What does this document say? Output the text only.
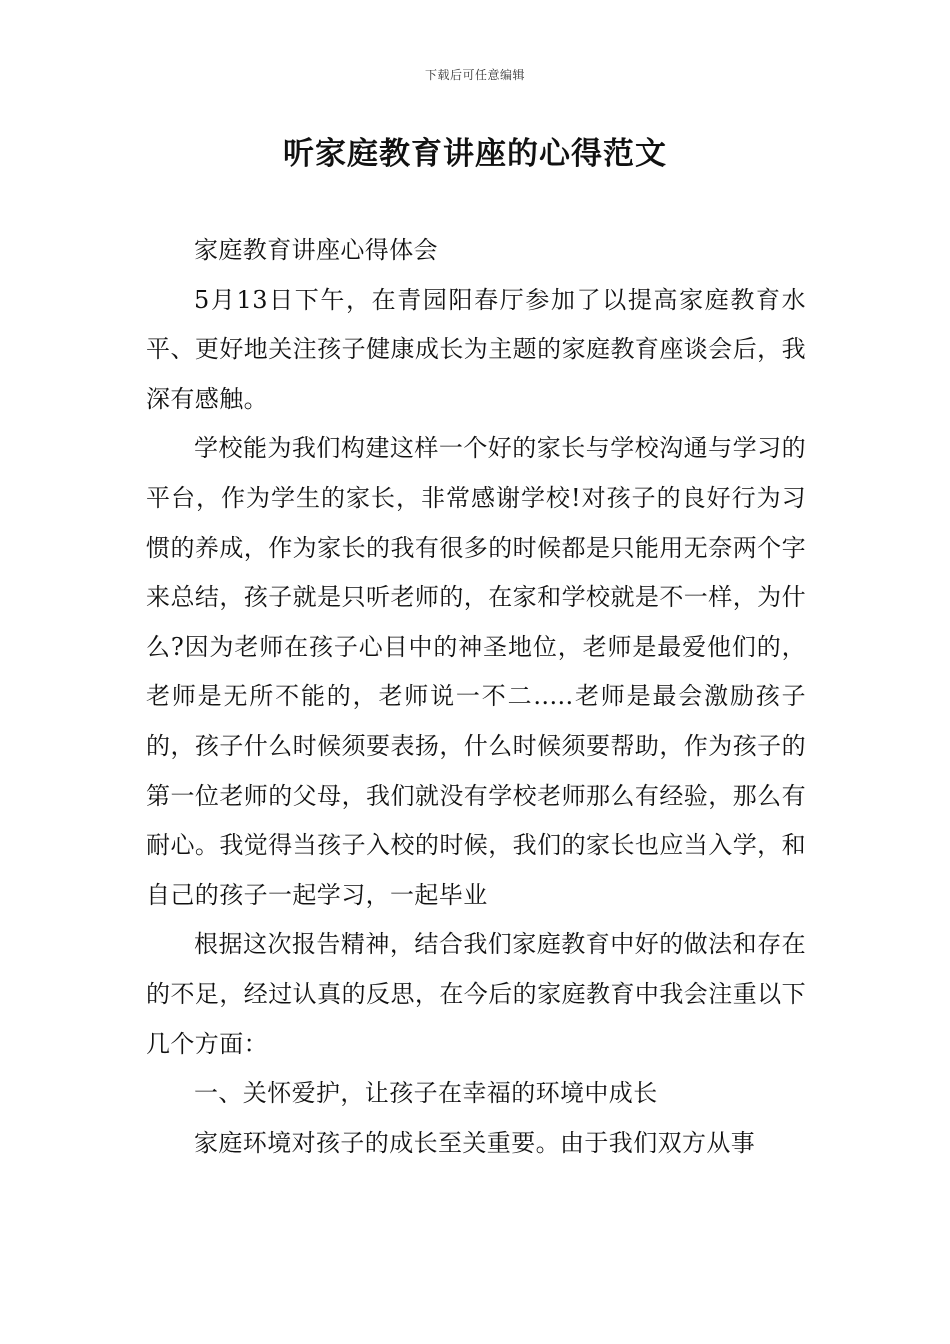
下载后可任意编辑
听家庭教育讲座的心得范文

家庭教育讲座心得体会

5月13日下午，在青园阳春厅参加了以提高家庭教育水平、更好地关注孩子健康成长为主题的家庭教育座谈会后，我深有感触。

学校能为我们构建这样一个好的家长与学校沟通与学习的平台，作为学生的家长，非常感谢学校!对孩子的良好行为习惯的养成，作为家长的我有很多的时候都是只能用无奈两个字来总结，孩子就是只听老师的，在家和学校就是不一样，为什么?因为老师在孩子心目中的神圣地位，老师是最爱他们的，老师是无所不能的，老师说一不二.....老师是最会激励孩子的，孩子什么时候须要表扬，什么时候须要帮助，作为孩子的第一位老师的父母，我们就没有学校老师那么有经验，那么有耐心。我觉得当孩子入校的时候，我们的家长也应当入学，和自己的孩子一起学习，一起毕业

根据这次报告精神，结合我们家庭教育中好的做法和存在的不足，经过认真的反思，在今后的家庭教育中我会注重以下几个方面：

一、关怀爱护，让孩子在幸福的环境中成长

家庭环境对孩子的成长至关重要。由于我们双方从事
